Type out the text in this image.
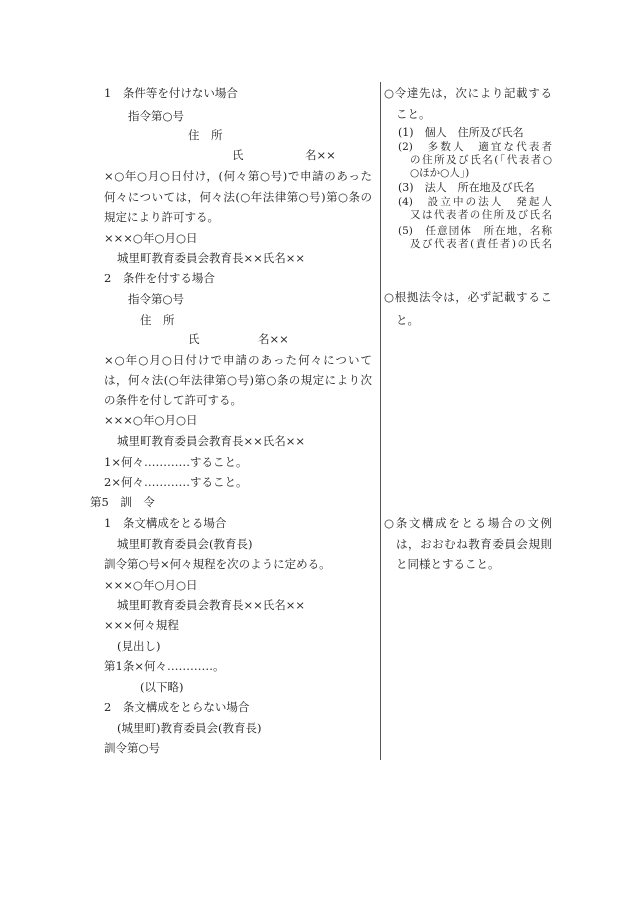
1　条件等を付けない場合
指令第○号
住　所
氏	名××
×○年○月○日付け，(何々第○号)で申請のあった
何々については，何々法(○年法律第○号)第○条の
規定により許可する。
×××○年○月○日
城里町教育委員会教育長××氏名××
2　条件を付する場合
指令第○号
住　所
氏	名××
×○年○月○日付けで申請のあった何々について
は，何々法(○年法律第○号)第○条の規定により次
の条件を付して許可する。
×××○年○月○日
城里町教育委員会教育長××氏名××
1×何々…………すること。
2×何々…………すること。
第5　訓　令
1　条文構成をとる場合
城里町教育委員会(教育長)
訓令第○号×何々規程を次のように定める。
×××○年○月○日
城里町教育委員会教育長××氏名××
×××何々規程
(見出し)
第1条×何々…………。
(以下略)
2　条文構成をとらない場合
(城里町)教育委員会(教育長)
訓令第○号
○令達先は，次により記載する
こと。
(1)　個人　住所及び氏名
(2)　多数人　適宜な代表者
の住所及び氏名(「代表者○
○ほか○人」)
(3)　法人　所在地及び氏名
(4)　設立中の法人　発起人
又は代表者の住所及び氏名
(5)　任意団体　所在地，名称
及び代表者(責任者)の氏名
○根拠法令は，必ず記載するこ
と。
○条文構成をとる場合の文例
は，おおむね教育委員会規則
と同様とすること。
